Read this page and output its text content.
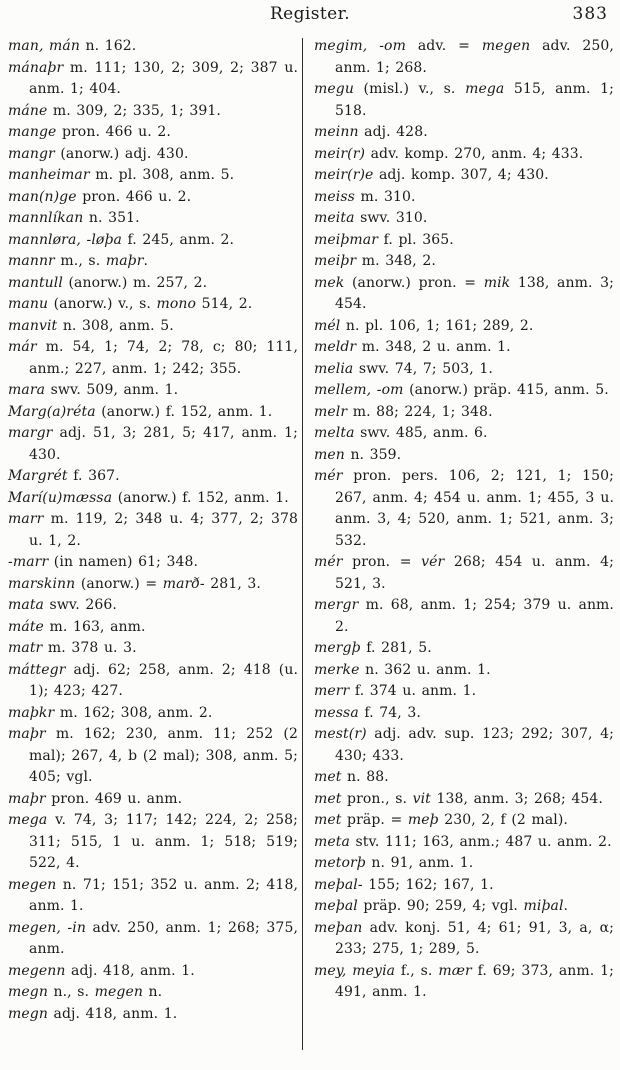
Register.	383

man, mán n. 162.

mánaþr m. 111; 130, 2; 309, 2; 387 u. anm. 1; 404.

máne m. 309, 2; 335, 1; 391.

mange pron. 466 u. 2.

mangr (anorw.) adj. 430.

manheimar m. pl. 308, anm. 5.

man(n)ge pron. 466 u. 2.

mannlíkan n. 351.

mannløra, -løþa f. 245, anm. 2.

mannr m., s. maþr.

mantull (anorw.) m. 257, 2.

manu (anorw.) v., s. mono 514, 2.

manvit n. 308, anm. 5.

már m. 54, 1; 74, 2; 78, c; 80; 111, anm.; 227, anm. 1; 242; 355.

mara swv. 509, anm. 1.

Marg(a)réta (anorw.) f. 152, anm. 1.

margr adj. 51, 3; 281, 5; 417, anm. 1; 430.

Margrét f. 367.

Marí(u)mæssa (anorw.) f. 152, anm. 1.

marr m. 119, 2; 348 u. 4; 377, 2; 378 u. 1, 2.

-marr (in namen) 61; 348.

marskinn (anorw.) = marð- 281, 3.

mata swv. 266.

máte m. 163, anm.

matr m. 378 u. 3.

máttegr adj. 62; 258, anm. 2; 418 (u. 1); 423; 427.

maþkr m. 162; 308, anm. 2.

maþr m. 162; 230, anm. 11; 252 (2 mal); 267, 4, b (2 mal); 308, anm. 5; 405; vgl.

maþr pron. 469 u. anm.

mega v. 74, 3; 117; 142; 224, 2; 258; 311; 515, 1 u. anm. 1; 518; 519; 522, 4.

megen n. 71; 151; 352 u. anm. 2; 418, anm. 1.

megen, -in adv. 250, anm. 1; 268; 375, anm.

megenn adj. 418, anm. 1.

megn n., s. megen n.

megn adj. 418, anm. 1.

megim, -om adv. = megen adv. 250, anm. 1; 268.

megu (misl.) v., s. mega 515, anm. 1; 518.

meinn adj. 428.

meir(r) adv. komp. 270, anm. 4; 433.

meir(r)e adj. komp. 307, 4; 430.

meiss m. 310.

meita swv. 310.

meiþmar f. pl. 365.

meiþr m. 348, 2.

mek (anorw.) pron. = mik 138, anm. 3; 454.

mél n. pl. 106, 1; 161; 289, 2.

meldr m. 348, 2 u. anm. 1.

melia swv. 74, 7; 503, 1.

mellem, -om (anorw.) präp. 415, anm. 5.

melr m. 88; 224, 1; 348.

melta swv. 485, anm. 6.

men n. 359.

mér pron. pers. 106, 2; 121, 1; 150; 267, anm. 4; 454 u. anm. 1; 455, 3 u. anm. 3, 4; 520, anm. 1; 521, anm. 3; 532.

mér pron. = vér 268; 454 u. anm. 4; 521, 3.

mergr m. 68, anm. 1; 254; 379 u. anm. 2.

mergþ f. 281, 5.

merke n. 362 u. anm. 1.

merr f. 374 u. anm. 1.

messa f. 74, 3.

mest(r) adj. adv. sup. 123; 292; 307, 4; 430; 433.

met n. 88.

met pron., s. vit 138, anm. 3; 268; 454.

met präp. = meþ 230, 2, f (2 mal).

meta stv. 111; 163, anm.; 487 u. anm. 2.

metorþ n. 91, anm. 1.

meþal- 155; 162; 167, 1.

meþal präp. 90; 259, 4; vgl. miþal.

meþan adv. konj. 51, 4; 61; 91, 3, a, α; 233; 275, 1; 289, 5.

mey, meyia f., s. mær f. 69; 373, anm. 1; 491, anm. 1.
